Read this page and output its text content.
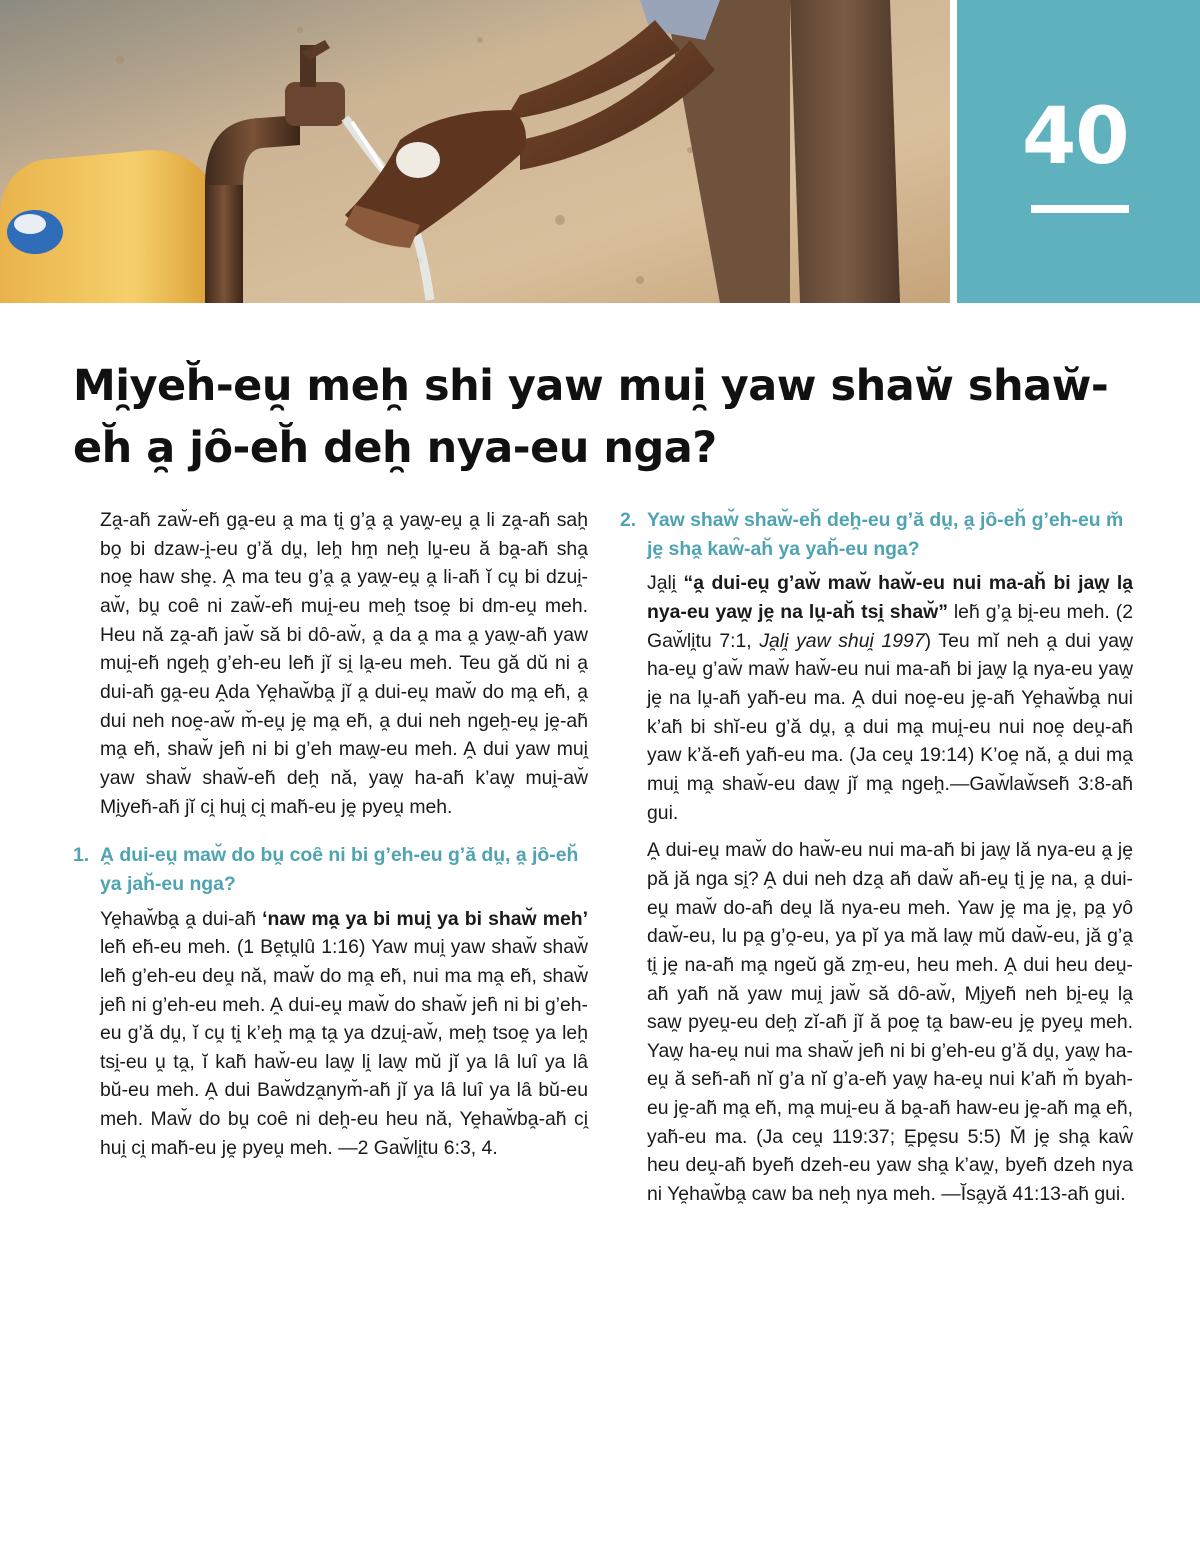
40
Mi̯yeh̆-eu̯ meh̯ shi yaw mui̯ yaw shaw̆ shaw̆-eh̆ a̯ jȏ-eh̆ deh̯ nya-eu nga?

Za̯-ah̆ zaw̆-eh̆ ga̯-eu a̯ ma ti̯ g’a̯ a̯ yaw̯-eu̯ a̯ li za̯-ah̆ sah̯ bo̯ bi dzaw-i̯-eu g’ă du̯, leh̯ hm̯ neh̯ lu̯-eu ă ba̯-ah̆ sha̯ noe̯ haw she̯. A̯ ma teu g’a̯ a̯ yaw̯-eu̯ a̯ li-ah̆ ĭ cu̯ bi dzui̯-aw̆, bu̯ coȇ ni zaw̆-eh̆ mui̯-eu meh̯ tsoe̯ bi dm-eu̯ meh. Heu nă za̯-ah̆ jaw̆ să bi dȏ-aw̆, a̯ da a̯ ma a̯ yaw̯-ah̆ yaw mui̯-eh̆ ngeh̯ g’eh-eu leh̆ jĭ si̯ la̯-eu meh. Teu gă dŭ ni a̯ dui-ah̆ ga̯-eu A̯da Ye̯haw̆ba̯ jĭ a̯ dui-eu̯ maw̆ do ma̯ eh̆, a̯ dui neh noe̯-aw̆ m̆-eu̯ je̯ ma̯ eh̆, a̯ dui neh ngeh̯-eu̯ je̯-ah̆ ma̯ eh̆, shaw̆ jeh̑ ni bi g’eh maw̯-eu meh. A̯ dui yaw mui̯ yaw shaw̆ shaw̆-eh̆ deh̯ nă, yaw̯ ha-ah̆ k’aw̯ mui̯-aw̆ Mi̯yeh̆-ah̆ jĭ ci̯ hui̯ ci̯ mah̆-eu je̯ pyeu̯ meh.

1. A̯ dui-eu̯ maw̆ do bu̯ coȇ ni bi g’eh-eu g’ă du̯, a̯ jȏ-eh̆ ya jah̆-eu nga?

Ye̯haw̆ba̯ a̯ dui-ah̆ ‘naw ma̯ ya bi mui̯ ya bi shaw̆ meh’ leh̆ eh̆-eu meh. (1 Be̯tu̯lȗ 1:16) Yaw mui̯ yaw shaw̆ shaw̆ leh̆ g’eh-eu deu̯ nă, maw̆ do ma̯ eh̆, nui ma ma̯ eh̆, shaw̆ jeh̑ ni g’eh-eu meh. A̯ dui-eu̯ maw̆ do shaw̆ jeh̑ ni bi g’eh-eu g’ă du̯, ĭ cu̯ ti̯ k’eh̯ ma̯ ta̯ ya dzui̯-aw̆, meh̯ tsoe̯ ya leh̯ tsi̯-eu u̯ ta̯, ĭ kah̆ haw̆-eu law̯ li̯ law̯ mŭ jĭ ya lȃ luȋ ya lȃ bŭ-eu meh. A̯ dui Baw̆dza̯nym̆-ah̆ jĭ ya lȃ luȋ ya lȃ bŭ-eu meh. Maw̆ do bu̯ coȇ ni deh̯-eu heu nă, Ye̯haw̆ba̯-ah̆ ci̯ hui̯ ci̯ mah̆-eu je̯ pyeu̯ meh. —2 Gaw̆li̯tu 6:3, 4.

2. Yaw shaw̆ shaw̆-eh̆ deh̯-eu g’ă du̯, a̯ jȏ-eh̆ g’eh-eu m̆ je̯ sha̯ kaw̑-ah̆ ya yah̆-eu nga?

Ja̯li̯ “a̯ dui-eu̯ g’aw̆ maw̆ haw̆-eu nui ma-ah̆ bi jaw̯ la̯ nya-eu yaw̯ je̯ na lu̯-ah̆ tsi̯ shaw̆” leh̆ g’a̯ bi̯-eu meh. (2 Gaw̆li̯tu 7:1, Ja̯li̯ yaw shui̯ 1997) Teu mĭ neh a̯ dui yaw̯ ha-eu̯ g’aw̆ maw̆ haw̆-eu nui ma-ah̆ bi jaw̯ la̯ nya-eu yaw̯ je̯ na lu̯-ah̆ yah̆-eu ma. A̯ dui noe̯-eu je̯-ah̆ Ye̯haw̆ba̯ nui k’ah̆ bi shĭ-eu g’ă du̯, a̯ dui ma̯ mui̯-eu nui noe̯ deu̯-ah̆ yaw k’ă-eh̆ yah̆-eu ma. (Ja ceu̯ 19:14) K’oe̯ nă, a̯ dui ma̯ mui̯ ma̯ shaw̆-eu daw̯ jĭ ma̯ ngeh̯.—Gaw̆law̆seh̆ 3:8-ah̆ gui.

A̯ dui-eu̯ maw̆ do haw̆-eu nui ma-ah̆ bi jaw̯ lă nya-eu a̯ je̯ pă jă nga si̯? A̯ dui neh dza̯ ah̆ daw̆ ah̆-eu̯ ti̯ je̯ na, a̯ dui-eu̯ maw̆ do-ah̆ deu̯ lă nya-eu meh. Yaw je̯ ma je̯, pa̯ yȏ daw̆-eu, lu pa̯ g’o̯-eu, ya pĭ ya mă law̯ mŭ daw̆-eu, jă g’a̯ ti̯ je̯ na-ah̆ ma̯ ngeŭ gă zm̯-eu, heu meh. A̯ dui heu deu̯-ah̆ yah̆ nă yaw mui̯ jaw̆ să dȏ-aw̆, Mi̯yeh̆ neh bi̯-eu̯ la̯ saw̯ pyeu̯-eu deh̯ zĭ-ah̆ jĭ ă poe̯ ta̯ baw-eu je̯ pyeu̯ meh. Yaw̯ ha-eu̯ nui ma shaw̆ jeh̑ ni bi g’eh-eu g’ă du̯, yaw̯ ha-eu̯ ă seh̆-ah̆ nĭ g’a nĭ g’a-eh̆ yaw̯ ha-eu̯ nui k’ah̆ m̆ byah-eu je̯-ah̆ ma̯ eh̆, ma̯ mui̯-eu ă ba̯-ah̆ haw-eu je̯-ah̆ ma̯ eh̆, yah̆-eu ma. (Ja ceu̯ 119:37; E̯pe̯su 5:5) M̆ je̯ sha̯ kaw̑ heu deu̯-ah̆ byeh̆ dzeh-eu yaw sha̯ k’aw̯, byeh̆ dzeh nya ni Ye̯haw̆ba̯ caw ba neh̯ nya meh. —Ĭsa̯yă 41:13-ah̆ gui.
